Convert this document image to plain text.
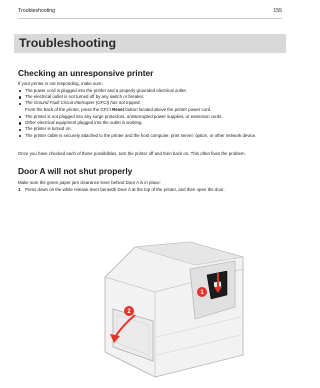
Troubleshooting	155
Troubleshooting
Checking an unresponsive printer
If your printer is not responding, make sure:
The power cord is plugged into the printer and a properly grounded electrical outlet.
The electrical outlet is not turned off by any switch or breaker.
The Ground Fault Circuit Interrupter (GFCI) has not tripped.
From the back of the printer, press the GFCI Reset button located above the printer power cord.
The printer is not plugged into any surge protectors, uninterrupted power supplies, or extension cords.
Other electrical equipment plugged into the outlet is working.
The printer is turned on.
The printer cable is securely attached to the printer and the host computer, print server, option, or other network device.
Once you have checked each of these possibilities, turn the printer off and then back on. This often fixes the problem.
Door A will not shut properly
Make sure the green paper jam clearance lever behind Door A is in place:
1 Press down on the white release lever beneath Door A at the top of the printer, and then open the door.
1
2
